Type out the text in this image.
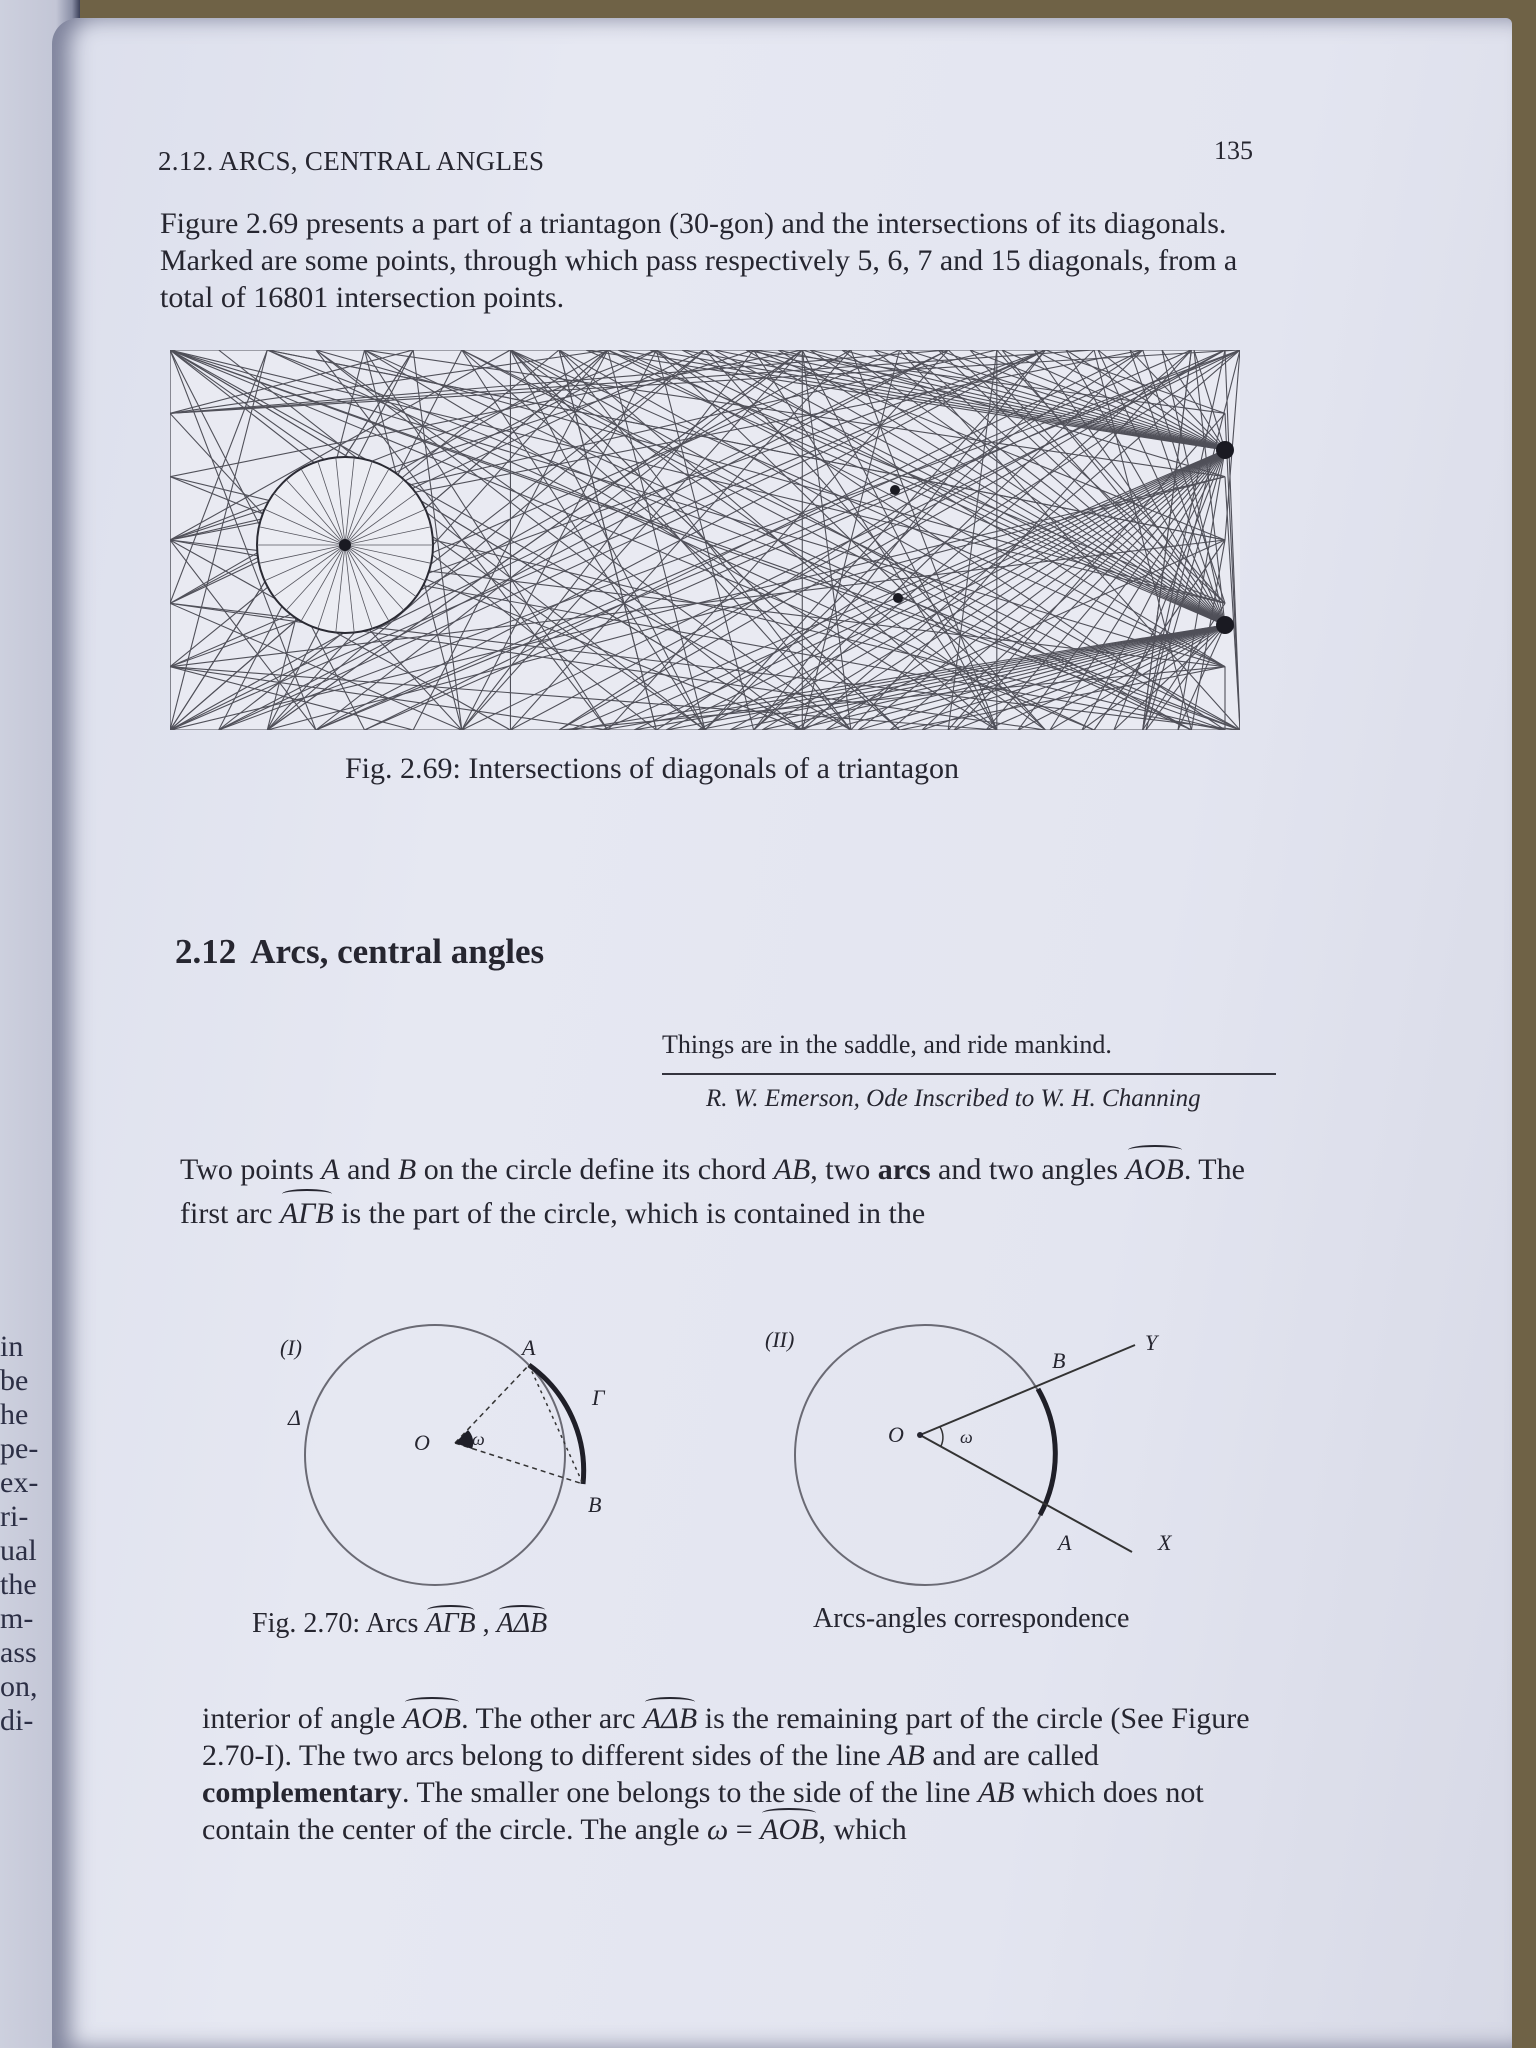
in
be
he
pe-
ex-
ri-
ual
the
m-
ass
on,
di-
2.12. ARCS, CENTRAL ANGLES	135
Figure 2.69 presents a part of a triantagon (30-gon) and the intersections of its diagonals. Marked are some points, through which pass respectively 5, 6, 7 and 15 diagonals, from a total of 16801 intersection points.
Fig. 2.69: Intersections of diagonals of a triantagon
2.12 Arcs, central angles
Things are in the saddle, and ride mankind.
R. W. Emerson, Ode Inscribed to W. H. Channing
Two points A and B on the circle define its chord AB, two arcs and two angles AOB. The first arc AΓB is the part of the circle, which is contained in the
(I)	A
Γ
Δ
O ω
B
(II)
B
Y
O	ω
A	X
Fig. 2.70: Arcs AΓB , AΔB	Arcs-angles correspondence
interior of angle AOB. The other arc AΔB is the remaining part of the circle (See Figure 2.70-I). The two arcs belong to different sides of the line AB and are called complementary. The smaller one belongs to the side of the line AB which does not contain the center of the circle. The angle ω = AOB, which
